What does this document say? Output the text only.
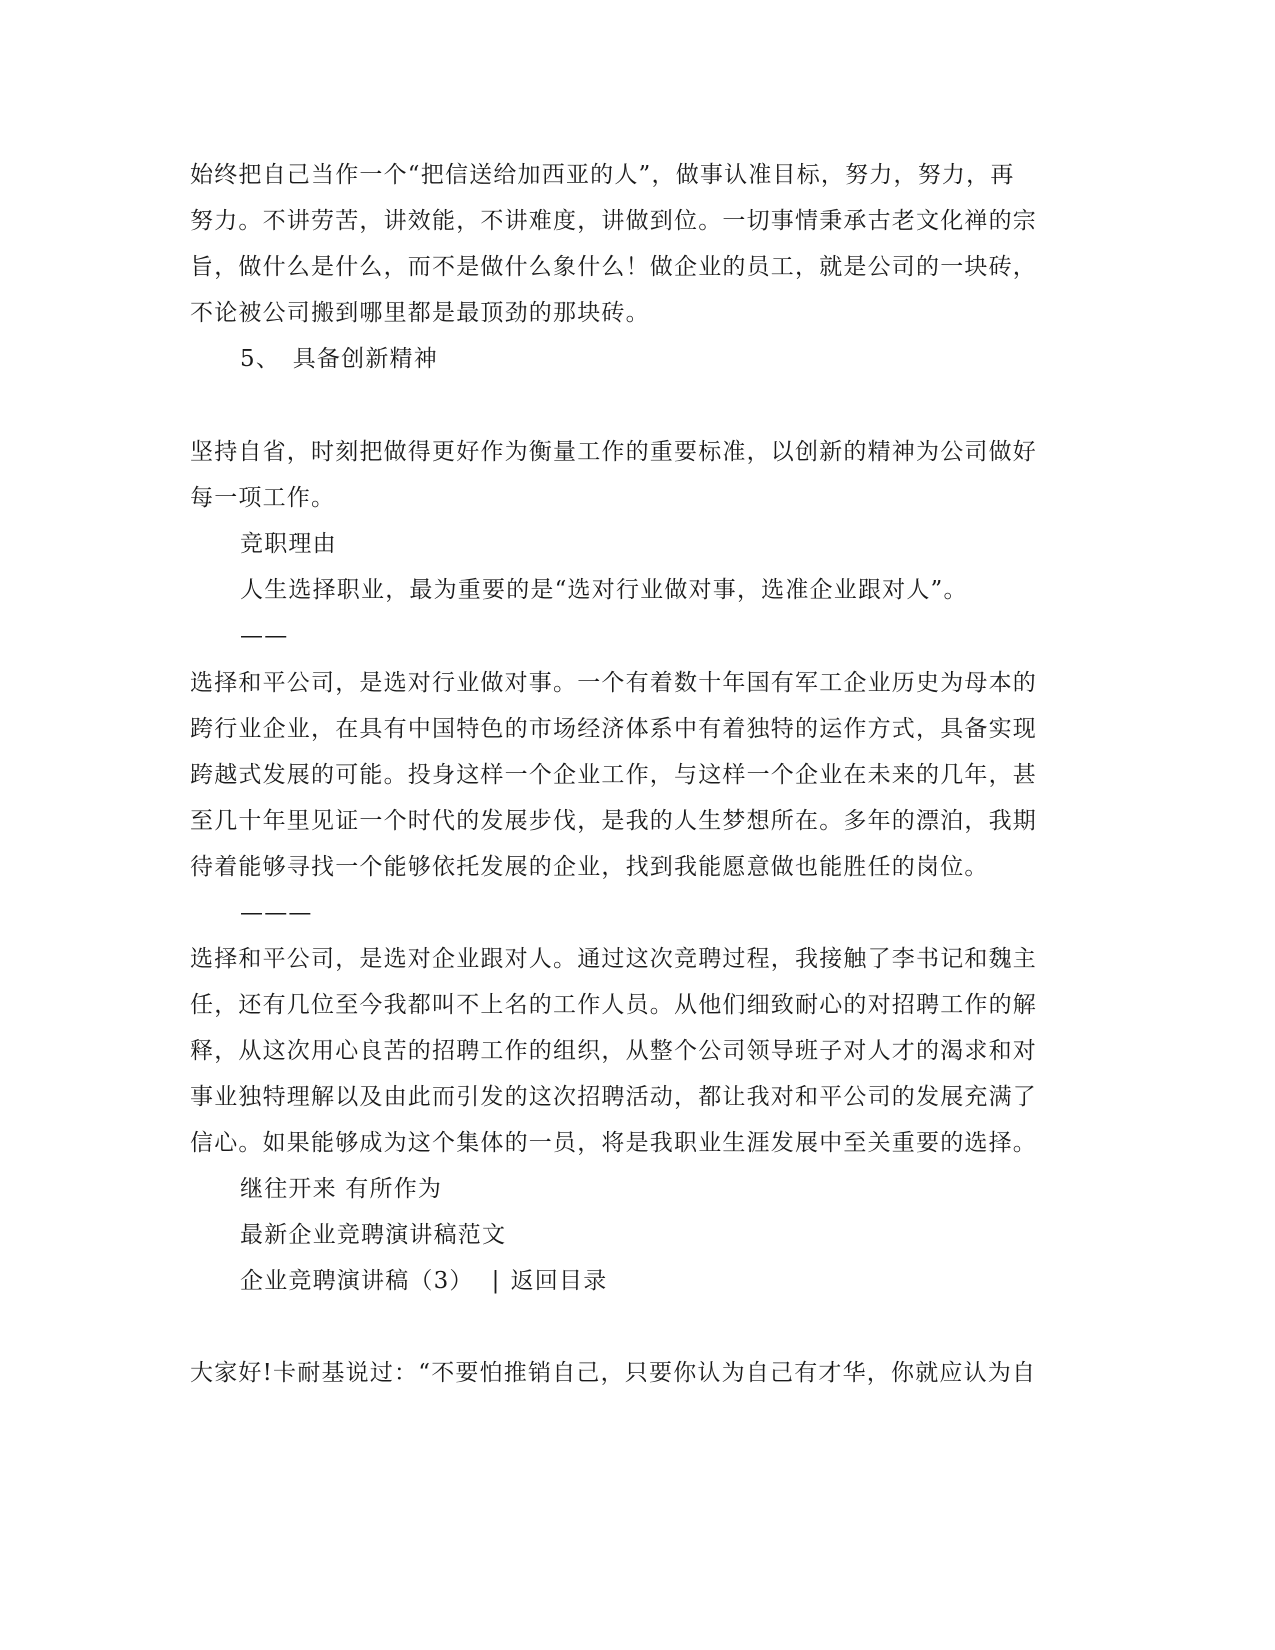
始终把自己当作一个“把信送给加西亚的人”，做事认准目标，努力，努力，再
努力。不讲劳苦，讲效能，不讲难度，讲做到位。一切事情秉承古老文化禅的宗
旨，做什么是什么，而不是做什么象什么！做企业的员工，就是公司的一块砖，
不论被公司搬到哪里都是最顶劲的那块砖。
5、　具备创新精神
坚持自省，时刻把做得更好作为衡量工作的重要标准，以创新的精神为公司做好
每一项工作。
竞职理由
人生选择职业，最为重要的是“选对行业做对事，选准企业跟对人”。
——
选择和平公司，是选对行业做对事。一个有着数十年国有军工企业历史为母本的
跨行业企业，在具有中国特色的市场经济体系中有着独特的运作方式，具备实现
跨越式发展的可能。投身这样一个企业工作，与这样一个企业在未来的几年，甚
至几十年里见证一个时代的发展步伐，是我的人生梦想所在。多年的漂泊，我期
待着能够寻找一个能够依托发展的企业，找到我能愿意做也能胜任的岗位。
———
选择和平公司，是选对企业跟对人。通过这次竞聘过程，我接触了李书记和魏主
任，还有几位至今我都叫不上名的工作人员。从他们细致耐心的对招聘工作的解
释，从这次用心良苦的招聘工作的组织，从整个公司领导班子对人才的渴求和对
事业独特理解以及由此而引发的这次招聘活动，都让我对和平公司的发展充满了
信心。如果能够成为这个集体的一员，将是我职业生涯发展中至关重要的选择。
继往开来 有所作为
最新企业竞聘演讲稿范文
企业竞聘演讲稿（3） | 返回目录
大家好!卡耐基说过：“不要怕推销自己，只要你认为自己有才华，你就应认为自
